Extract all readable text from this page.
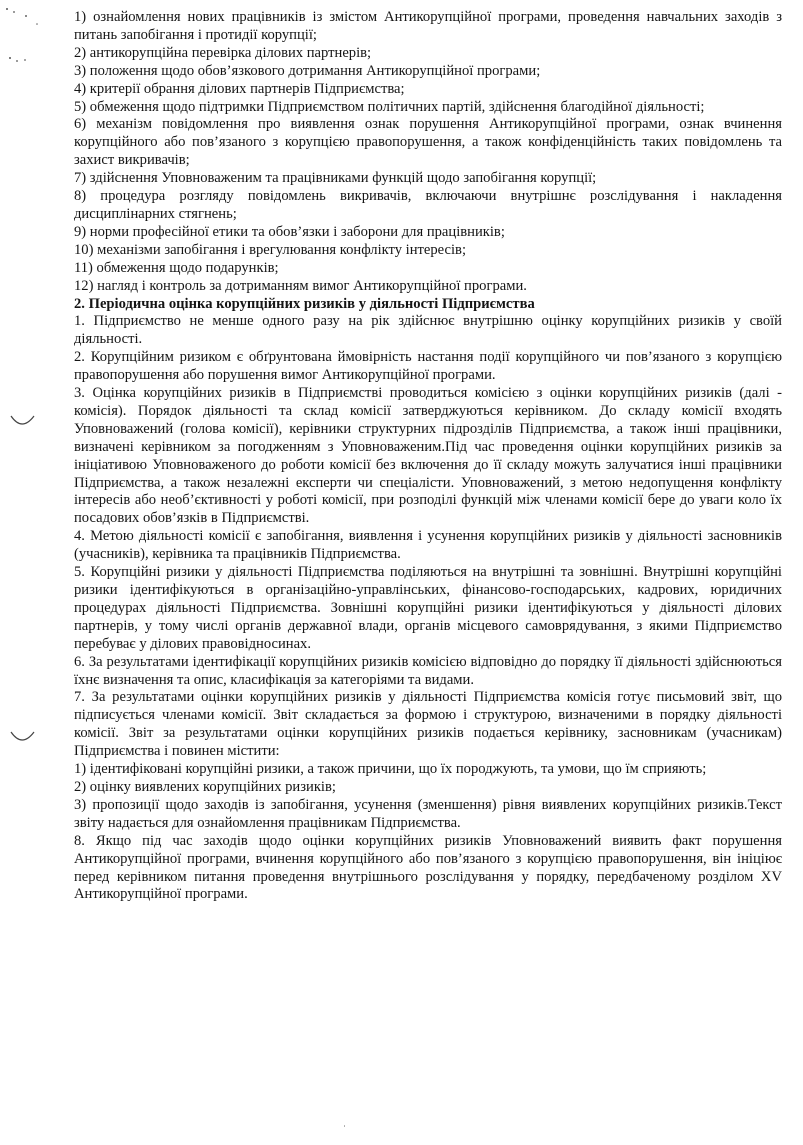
1) ознайомлення нових працівників із змістом Антикорупційної програми, проведення навчальних заходів з питань запобігання і протидії корупції;

2) антикорупційна перевірка ділових партнерів;

3) положення щодо обов’язкового дотримання Антикорупційної програми;

4) критерії обрання ділових партнерів Підприємства;

5) обмеження щодо підтримки Підприємством політичних партій, здійснення благодійної діяльності;

6) механізм повідомлення про виявлення ознак порушення Антикорупційної програми, ознак вчинення корупційного або пов’язаного з корупцією правопорушення, а також конфіденційність таких повідомлень та захист викривачів;

7) здійснення Уповноваженим та працівниками функцій щодо запобігання корупції;

8) процедура розгляду повідомлень викривачів, включаючи внутрішнє розслідування і накладення дисциплінарних стягнень;

9) норми професійної етики та обов’язки і заборони для працівників;

10) механізми запобігання і врегулювання конфлікту інтересів;

11) обмеження щодо подарунків;

12) нагляд і контроль за дотриманням вимог Антикорупційної програми.

2. Періодична оцінка корупційних ризиків у діяльності Підприємства

1. Підприємство не менше одного разу на рік здійснює внутрішню оцінку корупційних ризиків у своїй діяльності.

2. Корупційним ризиком є обґрунтована ймовірність настання події корупційного чи пов’язаного з корупцією правопорушення або порушення вимог Антикорупційної програми.

3. Оцінка корупційних ризиків в Підприємстві проводиться комісією з оцінки корупційних ризиків (далі - комісія). Порядок діяльності та склад комісії затверджуються керівником. До складу комісії входять Уповноважений (голова комісії), керівники структурних підрозділів Підприємства, а також інші працівники, визначені керівником за погодженням з Уповноваженим.Під час проведення оцінки корупційних ризиків за ініціативою Уповноваженого до роботи комісії без включення до її складу можуть залучатися інші працівники Підприємства, а також незалежні експерти чи спеціалісти. Уповноважений, з метою недопущення конфлікту інтересів або необ’єктивності у роботі комісії, при розподілі функцій між членами комісії бере до уваги коло їх посадових обов’язків в Підприємстві.

4. Метою діяльності комісії є запобігання, виявлення і усунення корупційних ризиків у діяльності засновників (учасників), керівника та працівників Підприємства.

5. Корупційні ризики у діяльності Підприємства поділяються на внутрішні та зовнішні. Внутрішні корупційні ризики ідентифікуються в організаційно-управлінських, фінансово-господарських, кадрових, юридичних процедурах діяльності Підприємства. Зовнішні корупційні ризики ідентифікуються у діяльності ділових партнерів, у тому числі органів державної влади, органів місцевого самоврядування, з якими Підприємство перебуває у ділових правовідносинах.

6. За результатами ідентифікації корупційних ризиків комісією відповідно до порядку її діяльності здійснюються їхнє визначення та опис, класифікація за категоріями та видами.

7. За результатами оцінки корупційних ризиків у діяльності Підприємства комісія готує письмовий звіт, що підписується членами комісії. Звіт складається за формою і структурою, визначеними в порядку діяльності комісії. Звіт за результатами оцінки корупційних ризиків подається керівнику, засновникам (учасникам) Підприємства і повинен містити:

1) ідентифіковані корупційні ризики, а також причини, що їх породжують, та умови, що їм сприяють;

2) оцінку виявлених корупційних ризиків;

3) пропозиції щодо заходів із запобігання, усунення (зменшення) рівня виявлених корупційних ризиків.Текст звіту надається для ознайомлення працівникам Підприємства.

8. Якщо під час заходів щодо оцінки корупційних ризиків Уповноважений виявить факт порушення Антикорупційної програми, вчинення корупційного або пов’язаного з корупцією правопорушення, він ініціює перед керівником питання проведення внутрішнього розслідування у порядку, передбаченому розділом XV Антикорупційної програми.

˙
